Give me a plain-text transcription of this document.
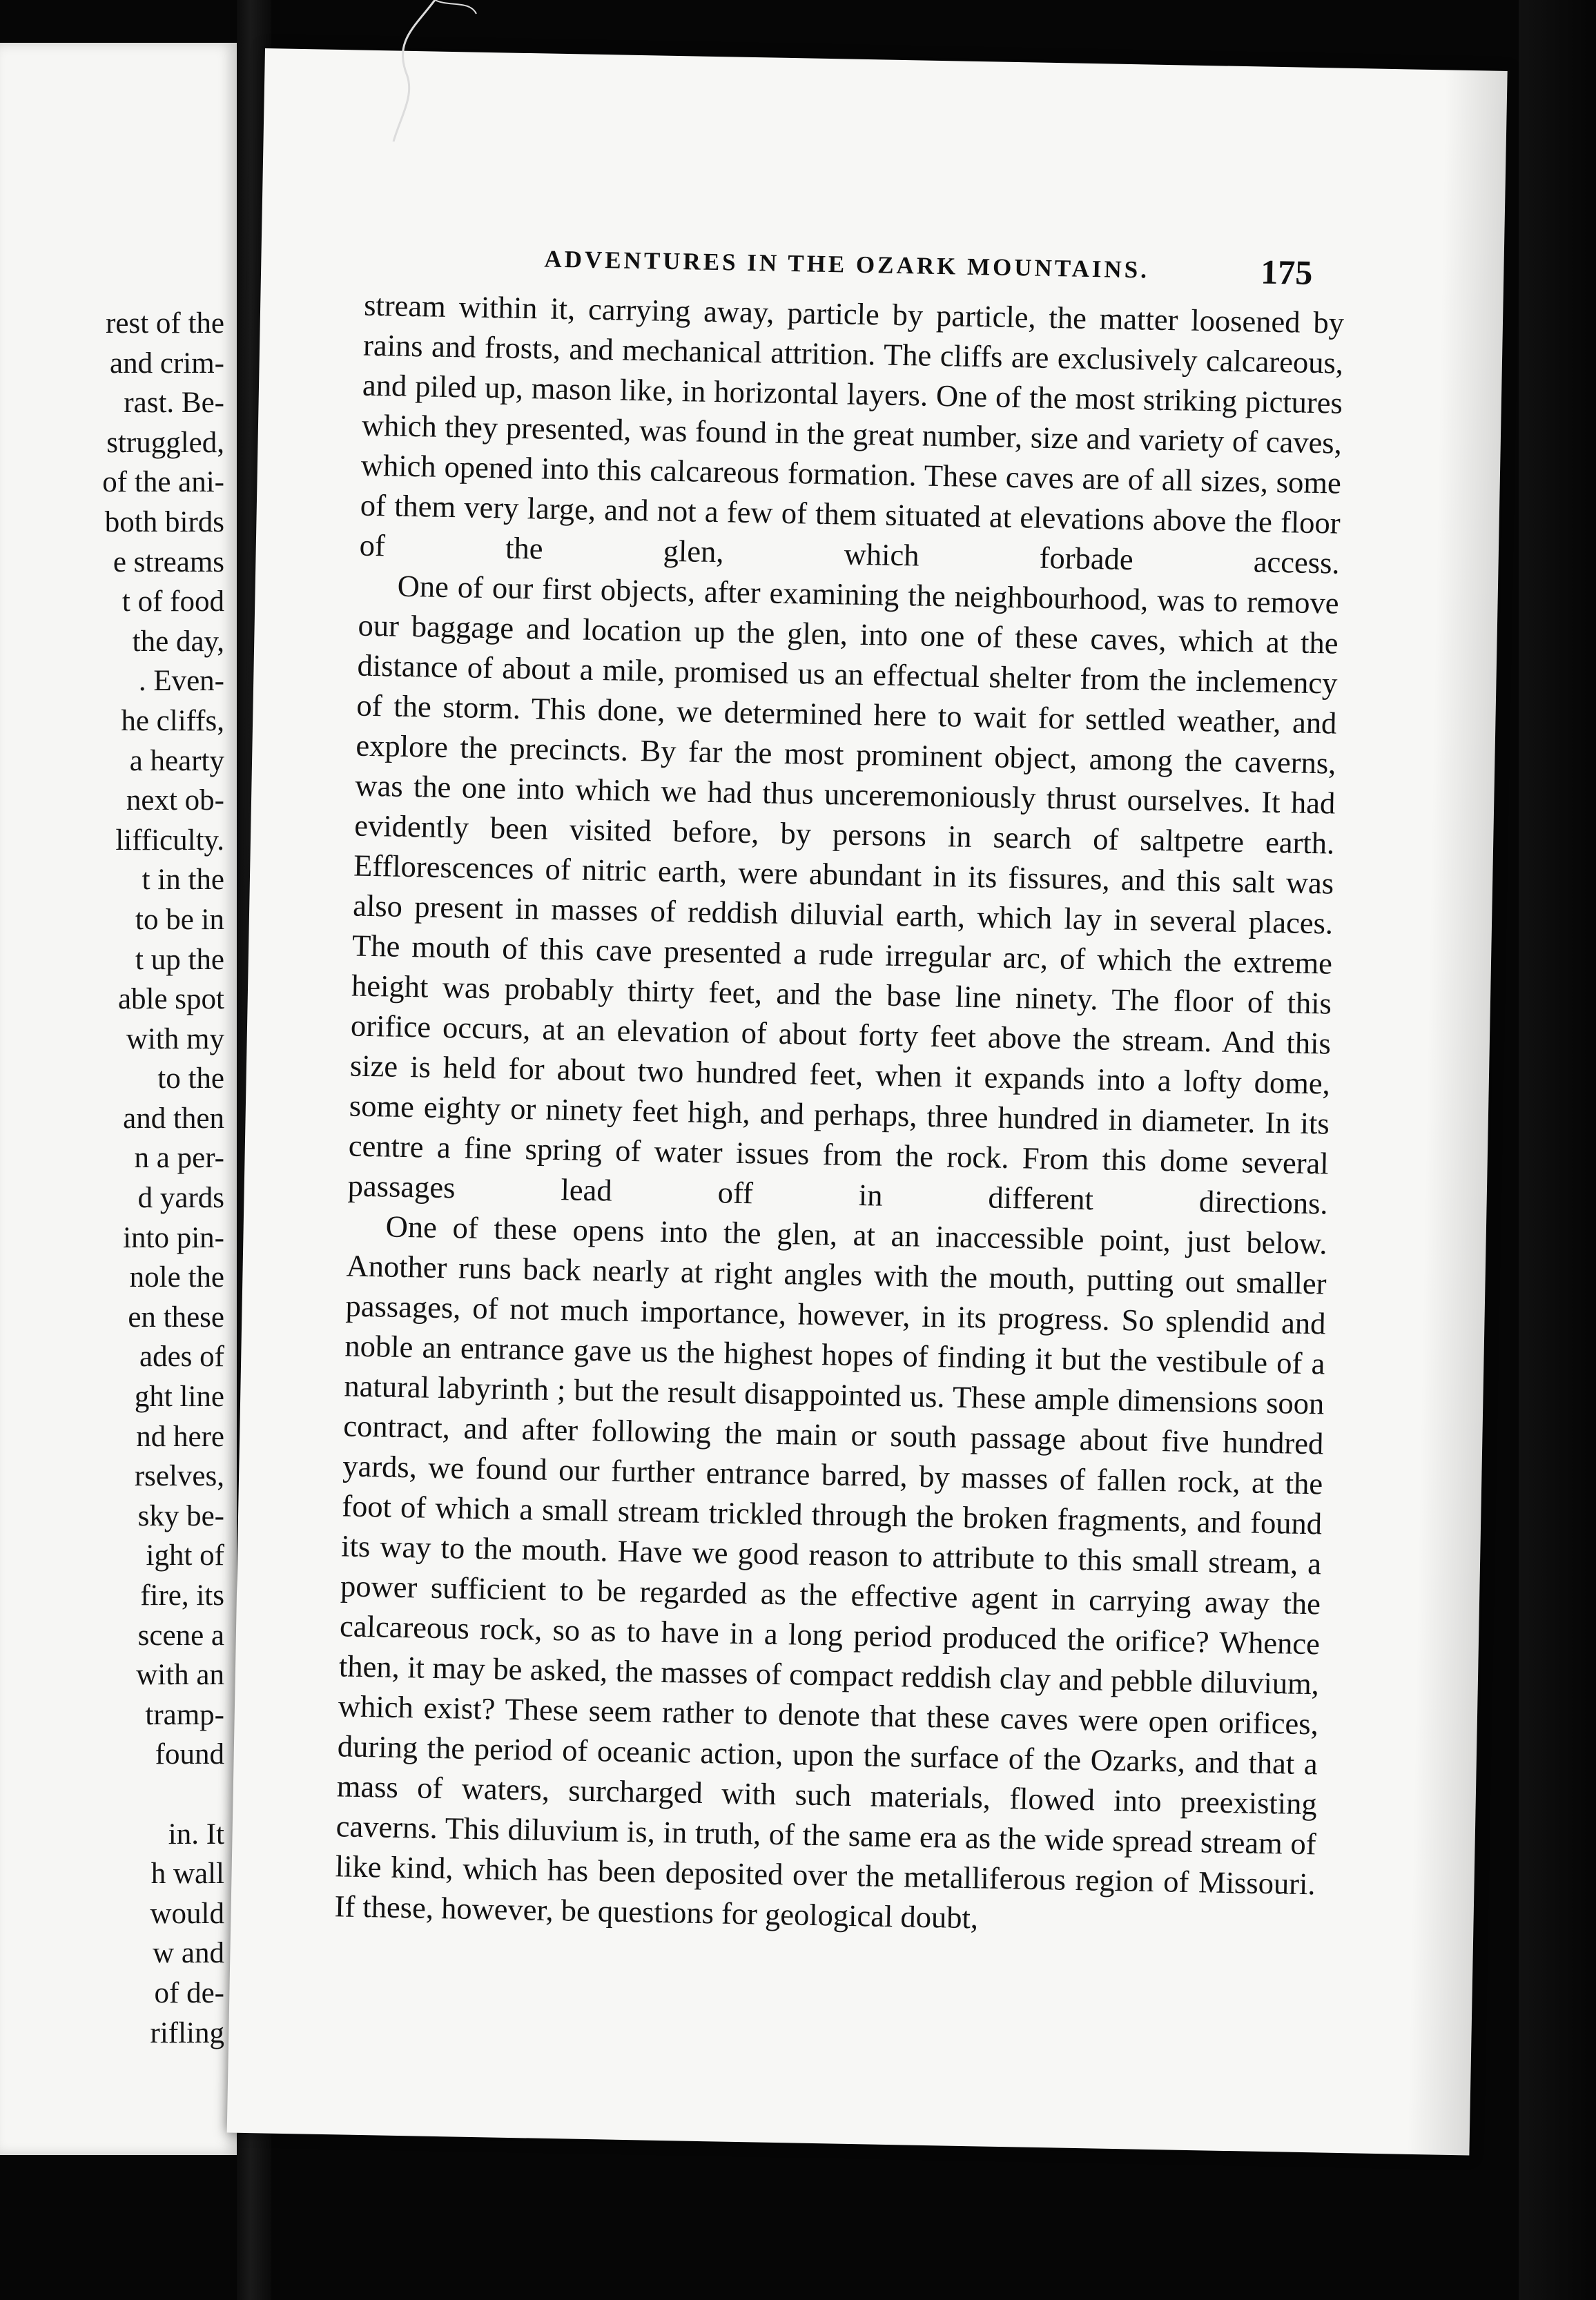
rest of the
and crim-
rast. Be-
struggled,
of the ani-
both birds
e streams
t of food
the day,
. Even-
he cliffs,
a hearty
next ob-
lifficulty.
t in the
to be in
t up the
able spot
with my
to the
and then
n a per-
d yards
into pin-
nole the
en these
ades of
ght line
nd here
rselves,
sky be-
ight of
fire, its
scene a
with an
tramp-
found
in. It
h wall
would
w and
of de-
rifling
ADVENTURES IN THE OZARK MOUNTAINS.	175

stream within it, carrying away, particle by particle, the matter loosened by rains and frosts, and mechanical attrition. The cliffs are exclusively calcareous, and piled up, mason like, in horizontal layers. One of the most striking pictures which they presented, was found in the great number, size and variety of caves, which opened into this calcareous formation. These caves are of all sizes, some of them very large, and not a few of them situated at elevations above the floor of the glen, which forbade access.

One of our first objects, after examining the neighbourhood, was to remove our baggage and location up the glen, into one of these caves, which at the distance of about a mile, promised us an effectual shelter from the inclemency of the storm. This done, we determined here to wait for settled weather, and explore the precincts. By far the most prominent object, among the caverns, was the one into which we had thus unceremoniously thrust ourselves. It had evidently been visited before, by persons in search of saltpetre earth. Efflorescences of nitric earth, were abundant in its fissures, and this salt was also present in masses of reddish diluvial earth, which lay in several places. The mouth of this cave presented a rude irregular arc, of which the extreme height was probably thirty feet, and the base line ninety. The floor of this orifice occurs, at an elevation of about forty feet above the stream. And this size is held for about two hundred feet, when it expands into a lofty dome, some eighty or ninety feet high, and perhaps, three hundred in diameter. In its centre a fine spring of water issues from the rock. From this dome several passages lead off in different directions.

One of these opens into the glen, at an inaccessible point, just below. Another runs back nearly at right angles with the mouth, putting out smaller passages, of not much importance, however, in its progress. So splendid and noble an entrance gave us the highest hopes of finding it but the vestibule of a natural labyrinth ; but the result disappointed us. These ample dimensions soon contract, and after following the main or south passage about five hundred yards, we found our further entrance barred, by masses of fallen rock, at the foot of which a small stream trickled through the broken fragments, and found its way to the mouth. Have we good reason to attribute to this small stream, a power sufficient to be regarded as the effective agent in carrying away the calcareous rock, so as to have in a long period produced the orifice? Whence then, it may be asked, the masses of compact reddish clay and pebble diluvium, which exist? These seem rather to denote that these caves were open orifices, during the period of oceanic action, upon the surface of the Ozarks, and that a mass of waters, surcharged with such materials, flowed into preexisting caverns. This diluvium is, in truth, of the same era as the wide spread stream of like kind, which has been deposited over the metalliferous region of Missouri. If these, however, be questions for geological doubt,
